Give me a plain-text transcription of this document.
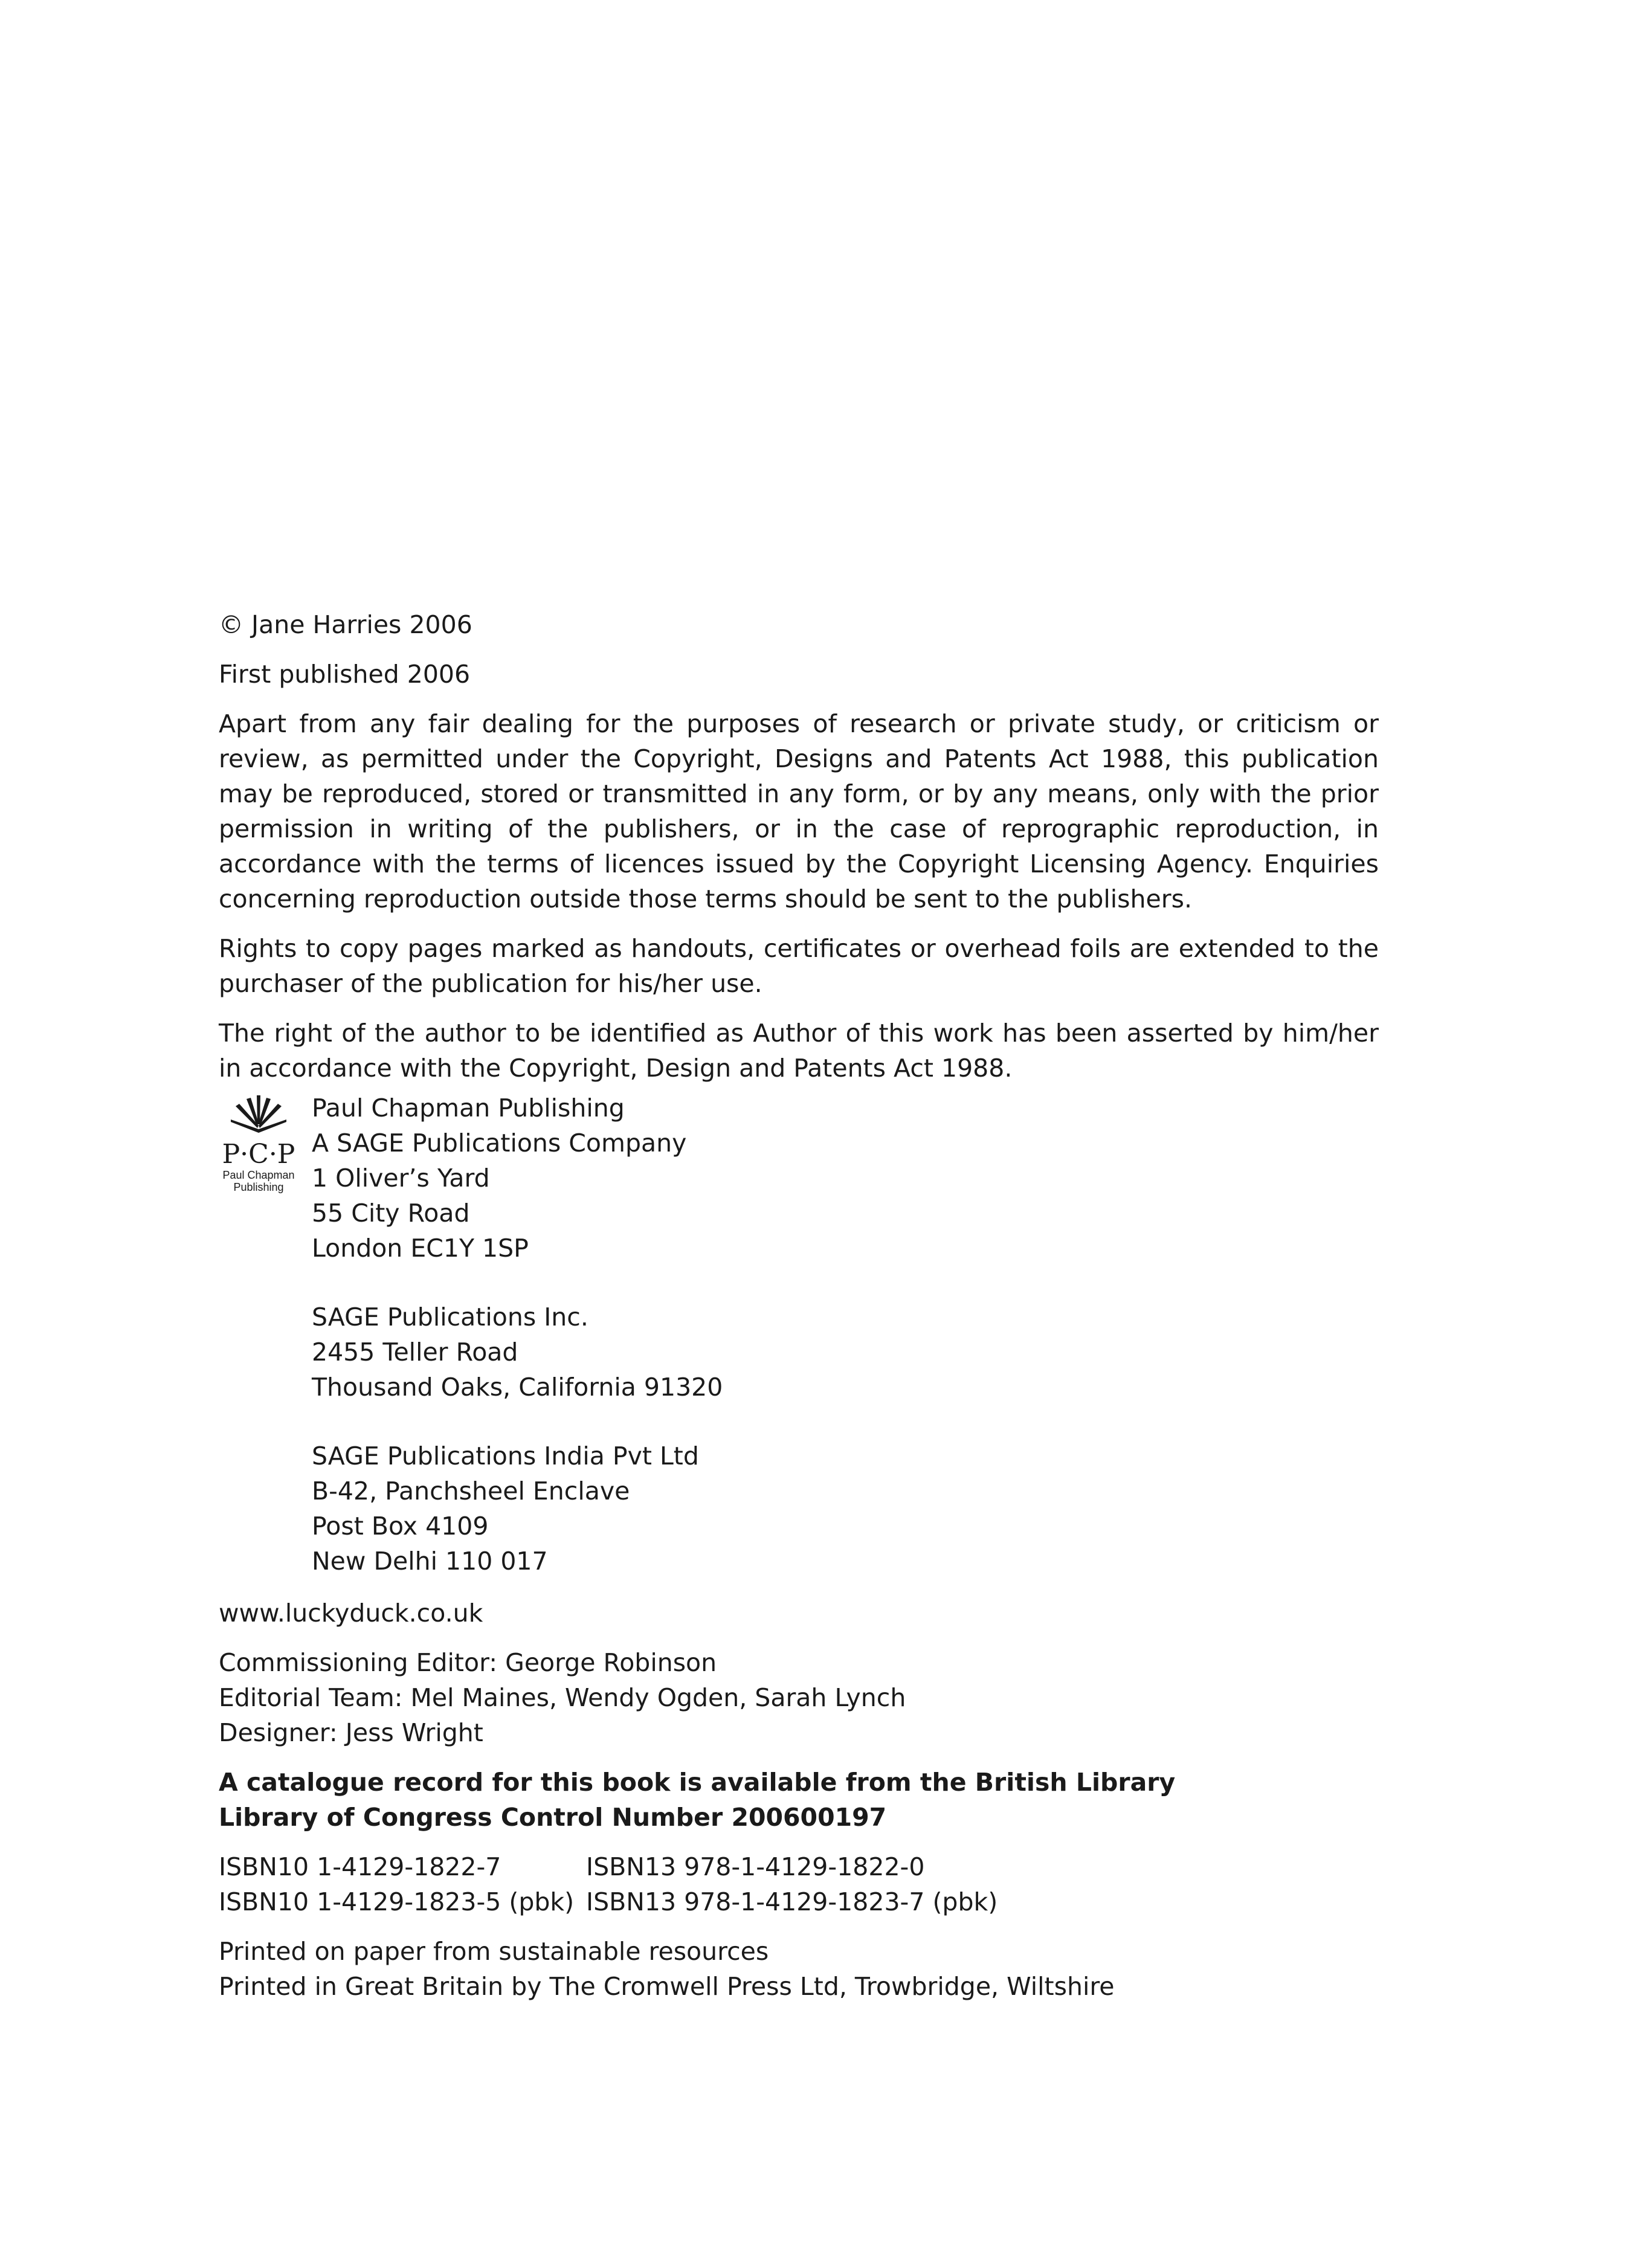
© Jane Harries 2006
First published 2006
Apart from any fair dealing for the purposes of research or private study, or criticism or review, as permitted under the Copyright, Designs and Patents Act 1988, this publication may be reproduced, stored or transmitted in any form, or by any means, only with the prior permission in writing of the publishers, or in the case of reprographic reproduction, in accordance with the terms of licences issued by the Copyright Licensing Agency. Enquiries concerning reproduction outside those terms should be sent to the publishers.
Rights to copy pages marked as handouts, certificates or overhead foils are extended to the purchaser of the publication for his/her use.
The right of the author to be identified as Author of this work has been asserted by him/her in accordance with the Copyright, Design and Patents Act 1988.
P·C·P
Paul Chapman
Publishing
Paul Chapman Publishing
A SAGE Publications Company
1 Oliver’s Yard
55 City Road
London EC1Y 1SP
SAGE Publications Inc.
2455 Teller Road
Thousand Oaks, California 91320
SAGE Publications India Pvt Ltd
B-42, Panchsheel Enclave
Post Box 4109
New Delhi 110 017
www.luckyduck.co.uk
Commissioning Editor: George Robinson
Editorial Team: Mel Maines, Wendy Ogden, Sarah Lynch
Designer: Jess Wright
A catalogue record for this book is available from the British Library
Library of Congress Control Number 200600197
ISBN10 1-4129-1822-7	ISBN13 978-1-4129-1822-0
ISBN10 1-4129-1823-5 (pbk) ISBN13 978-1-4129-1823-7 (pbk)
Printed on paper from sustainable resources
Printed in Great Britain by The Cromwell Press Ltd, Trowbridge, Wiltshire
